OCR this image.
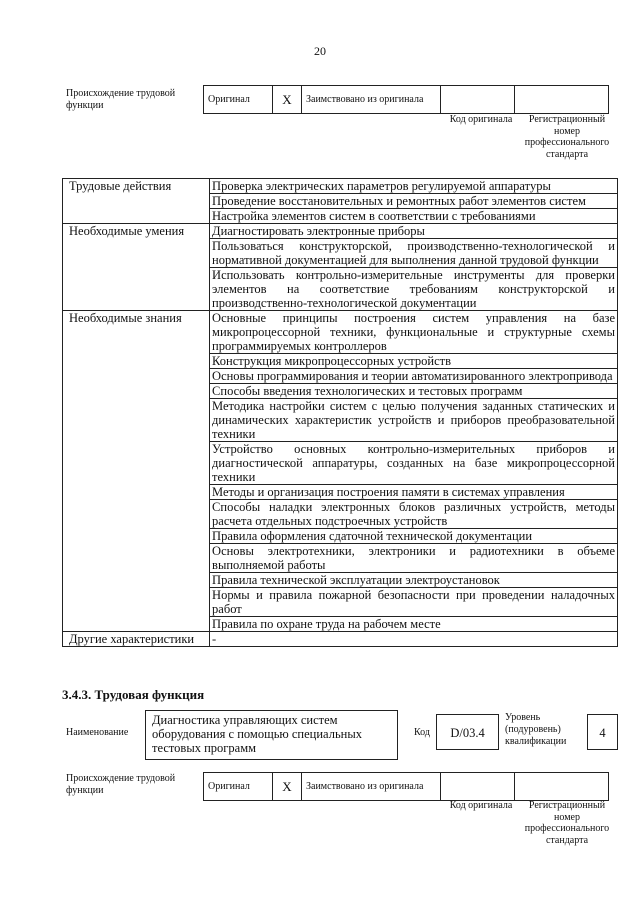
20
Происхождение трудовой функции
Оригинал	X	Заимствовано из оригинала		
Код оригинала	Регистрационный номер профессионального стандарта
Трудовые действия	Проверка электрических параметров регулируемой аппаратуры
	Проведение восстановительных и ремонтных работ элементов систем
	Настройка элементов систем в соответствии с требованиями
Необходимые умения	Диагностировать электронные приборы
	Пользоваться конструкторской, производственно-технологической и нормативной документацией для выполнения данной трудовой функции
	Использовать контрольно-измерительные инструменты для проверки элементов на соответствие требованиям конструкторской и производственно-технологической документации
Необходимые знания	Основные принципы построения систем управления на базе микропроцессорной техники, функциональные и структурные схемы программируемых контроллеров
	Конструкция микропроцессорных устройств
	Основы программирования и теории автоматизированного электропривода
	Способы введения технологических и тестовых программ
	Методика настройки систем с целью получения заданных статических и динамических характеристик устройств и приборов преобразовательной техники
	Устройство основных контрольно-измерительных приборов и диагностической аппаратуры, созданных на базе микропроцессорной техники
	Методы и организация построения памяти в системах управления
	Способы наладки электронных блоков различных устройств, методы расчета отдельных подстроечных устройств
	Правила оформления сдаточной технической документации
	Основы электротехники, электроники и радиотехники в объеме выполняемой работы
	Правила технической эксплуатации электроустановок
	Нормы и правила пожарной безопасности при проведении наладочных работ
	Правила по охране труда на рабочем месте
Другие характеристики	-
3.4.3. Трудовая функция
Наименование
Диагностика управляющих систем оборудования с помощью специальных тестовых программ
Код	D/03.4
Уровень (подуровень) квалификации
4
Происхождение трудовой функции	Оригинал	X	Заимствовано из оригинала		
Код оригинала	Регистрационный номер профессионального стандарта
